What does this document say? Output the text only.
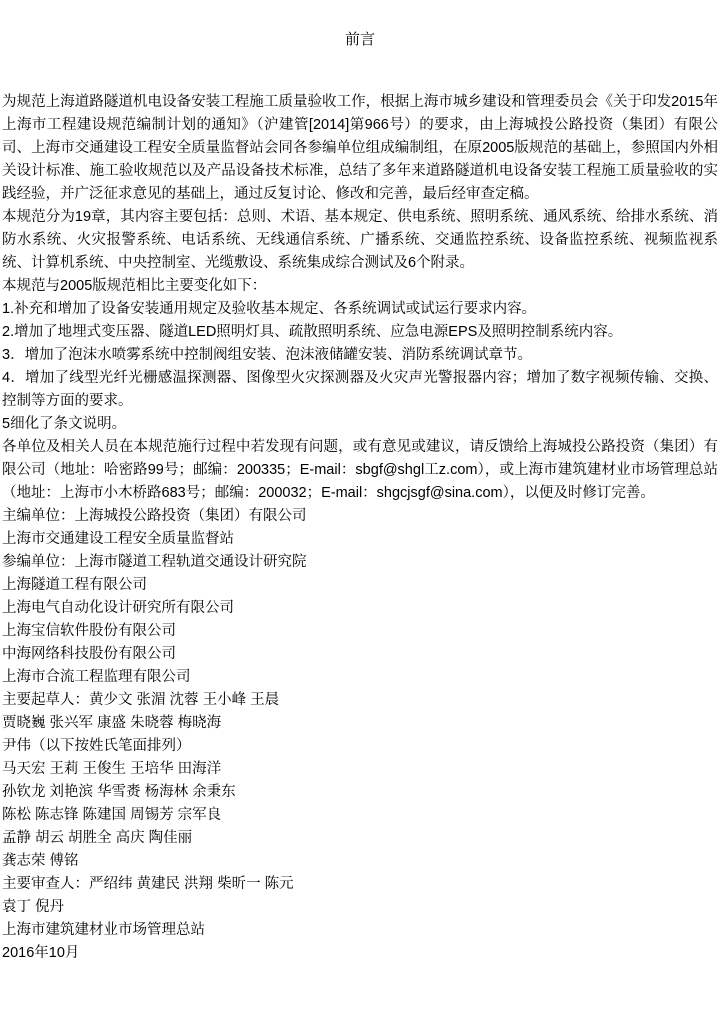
前言

为规范上海道路隧道机电设备安装工程施工质量验收工作，根据上海市城乡建设和管理委员会《关于印发2015年上海市工程建设规范编制计划的通知》（沪建管[2014]第966号）的要求，由上海城投公路投资（集团）有限公司、上海市交通建设工程安全质量监督站会同各参编单位组成编制组，在原2005版规范的基础上，参照国内外相关设计标准、施工验收规范以及产品设备技术标准，总结了多年来道路隧道机电设备安装工程施工质量验收的实践经验，并广泛征求意见的基础上，通过反复讨论、修改和完善，最后经审查定稿。

本规范分为19章，其内容主要包括：总则、术语、基本规定、供电系统、照明系统、通风系统、给排水系统、消防水系统、火灾报警系统、电话系统、无线通信系统、广播系统、交通监控系统、设备监控系统、视频监视系统、计算机系统、中央控制室、光缆敷设、系统集成综合测试及6个附录。

本规范与2005版规范相比主要变化如下：

1.补充和增加了设备安装通用规定及验收基本规定、各系统调试或试运行要求内容。

2.增加了地埋式变压器、隧道LED照明灯具、疏散照明系统、应急电源EPS及照明控制系统内容。

3．增加了泡沫水喷雾系统中控制阀组安装、泡沫液储罐安装、消防系统调试章节。

4．增加了线型光纤光栅感温探测器、图像型火灾探测器及火灾声光警报器内容；增加了数字视频传输、交换、控制等方面的要求。

5细化了条文说明。

各单位及相关人员在本规范施行过程中若发现有问题，或有意见或建议，请反馈给上海城投公路投资（集团）有限公司（地址：哈密路99号；邮编：200335；E-mail：sbgf@shgl工z.com），或上海市建筑建材业市场管理总站（地址：上海市小木桥路683号；邮编：200032；E-mail：shgcjsgf@sina.com），以便及时修订完善。

主编单位：上海城投公路投资（集团）有限公司

上海市交通建设工程安全质量监督站

参编单位：上海市隧道工程轨道交通设计研究院

上海隧道工程有限公司

上海电气自动化设计研究所有限公司

上海宝信软件股份有限公司

中海网络科技股份有限公司

上海市合流工程监理有限公司

主要起草人：黄少文 张湄 沈蓉 王小峰 王晨

贾晓巍 张兴军 康盛 朱晓蓉 梅晓海

尹伟（以下按姓氏笔面排列）

马天宏 王莉 王俊生 王培华 田海洋

孙钦龙 刘艳滨 华雪赉 杨海林 余秉东

陈松 陈志锋 陈建国 周锡芳 宗军良

孟静 胡云 胡胜全 高庆 陶佳丽

龚志荣 傅铭

主要审查人：严绍纬 黄建民 洪翔 柴昕一 陈元

袁丁 倪丹

上海市建筑建材业市场管理总站

2016年10月
